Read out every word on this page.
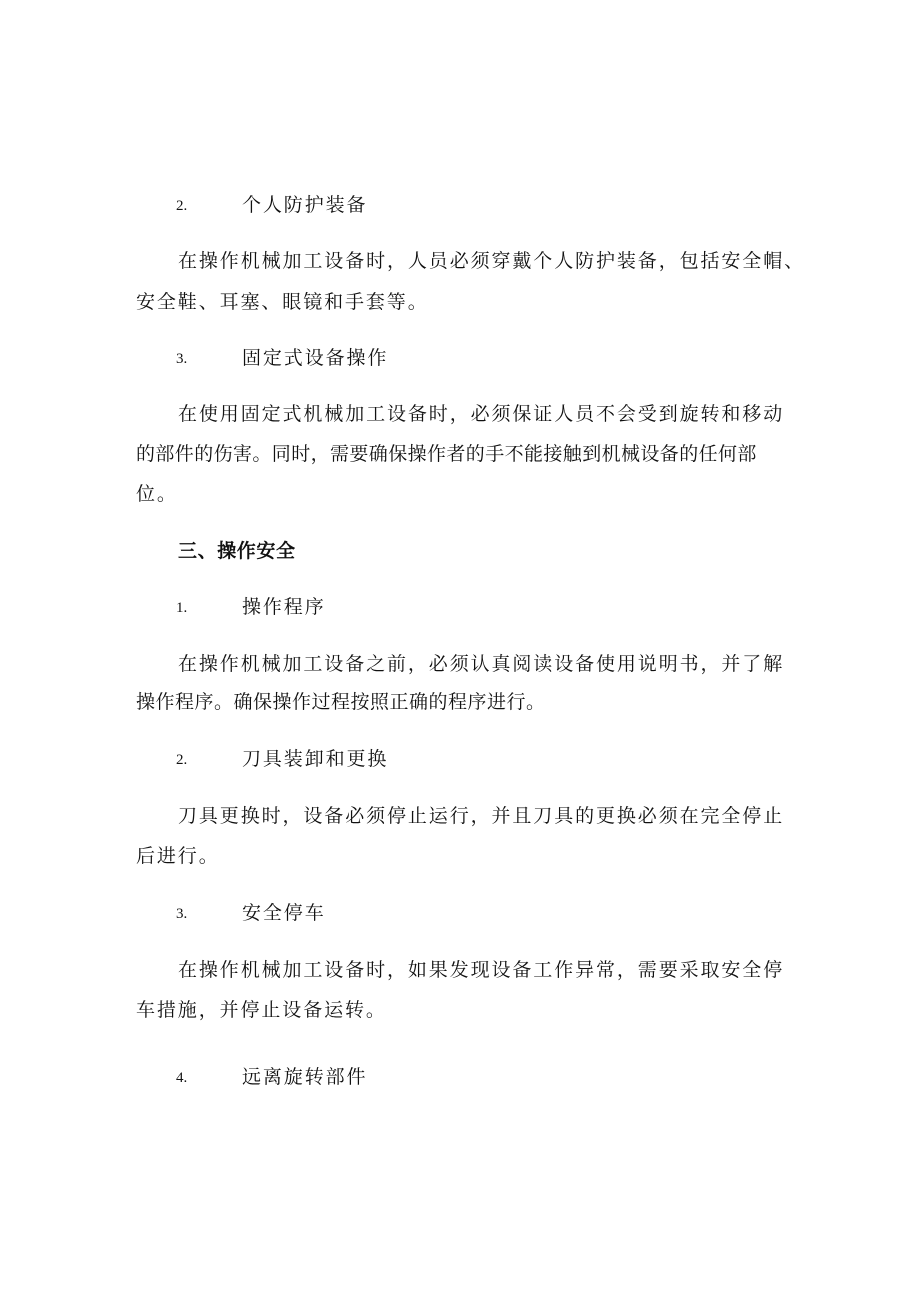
2.	个人防护装备
在操作机械加工设备时，人员必须穿戴个人防护装备，包括安全帽、
安全鞋、耳塞、眼镜和手套等。
3.	固定式设备操作
在使用固定式机械加工设备时，必须保证人员不会受到旋转和移动
的部件的伤害。同时，需要确保操作者的手不能接触到机械设备的任何部
位。
三、操作安全
1.	操作程序
在操作机械加工设备之前，必须认真阅读设备使用说明书，并了解
操作程序。确保操作过程按照正确的程序进行。
2.	刀具装卸和更换
刀具更换时，设备必须停止运行，并且刀具的更换必须在完全停止
后进行。
3.	安全停车
在操作机械加工设备时，如果发现设备工作异常，需要采取安全停
车措施，并停止设备运转。
4.	远离旋转部件
